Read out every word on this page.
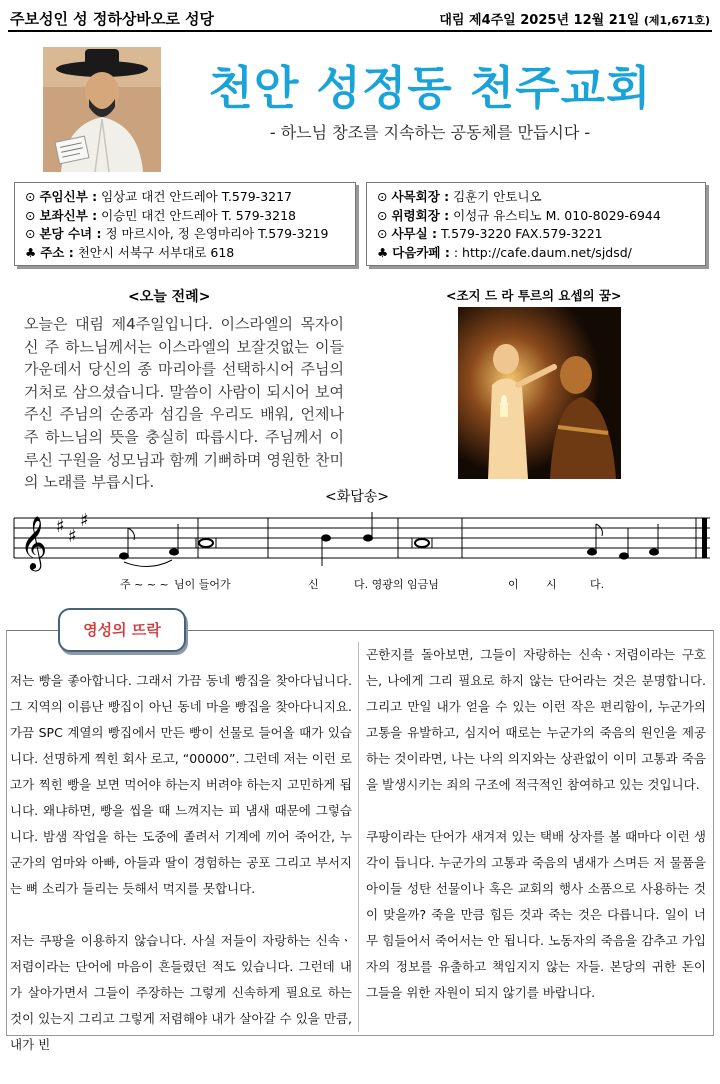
주보성인 성 정하상바오로 성당	대림 제4주일 2025년 12월 21일 (제1,671호)
천안 성정동 천주교회
- 하느님 창조를 지속하는 공동체를 만듭시다 -
⊙ 주임신부 : 임상교 대건 안드레아 T.579-3217
⊙ 보좌신부 : 이승민 대건 안드레아 T. 579-3218
⊙ 본당 수녀 : 정 마르시아, 정 은영마리아 T.579-3219
♣ 주소 : 천안시 서북구 서부대로 618
⊙ 사목회장 : 김훈기 안토니오
⊙ 위령회장 : 이성규 유스티노 M. 010-8029-6944
⊙ 사무실 : T.579-3220 FAX.579-3221
♣ 다음카페 : : http://cafe.daum.net/sjdsd/
<오늘 전례>
오늘은 대림 제4주일입니다. 이스라엘의 목자이신 주 하느님께서는 이스라엘의 보잘것없는 이들 가운데서 당신의 종 마리아를 선택하시어 주님의 거처로 삼으셨습니다. 말씀이 사람이 되시어 보여 주신 주님의 순종과 섬김을 우리도 배워, 언제나 주 하느님의 뜻을 충실히 따릅시다. 주님께서 이루신 구원을 성모님과 함께 기뻐하며 영원한 찬미의 노래를 부릅시다.
<조지 드 라 투르의 요셉의 꿈>
<화답송>
𝄞 ♯ ♯
♯
주 ~ ~ ~ 님이 들어가	신	다. 영광의 임금님	이 시	다.
영성의 뜨락

저는 빵을 좋아합니다. 그래서 가끔 동네 빵집을 찾아다닙니다. 그 지역의 이름난 빵집이 아닌 동네 마을 빵집을 찾아다니지요. 가끔 SPC 계열의 빵집에서 만든 빵이 선물로 들어올 때가 있습니다. 선명하게 찍힌 회사 로고, “00000”. 그런데 저는 이런 로고가 찍힌 빵을 보면 먹어야 하는지 버려야 하는지 고민하게 됩니다. 왜냐하면, 빵을 씹을 때 느껴지는 피 냄새 때문에 그렇습니다. 밤샘 작업을 하는 도중에 졸려서 기계에 끼어 죽어간, 누군가의 엄마와 아빠, 아들과 딸이 경험하는 공포 그리고 부서지는 뼈 소리가 들리는 듯해서 먹지를 못합니다.

저는 쿠팡을 이용하지 않습니다. 사실 저들이 자랑하는 신속ㆍ저렴이라는 단어에 마음이 흔들렸던 적도 있습니다. 그런데 내가 살아가면서 그들이 주장하는 그렇게 신속하게 필요로 하는 것이 있는지 그리고 그렇게 저렴해야 내가 살아갈 수 있을 만큼, 내가 빈

곤한지를 돌아보면, 그들이 자랑하는 신속ㆍ저렴이라는 구호는, 나에게 그리 필요로 하지 않는 단어라는 것은 분명합니다. 그리고 만일 내가 얻을 수 있는 이런 작은 편리함이, 누군가의 고통을 유발하고, 심지어 때로는 누군가의 죽음의 원인을 제공하는 것이라면, 나는 나의 의지와는 상관없이 이미 고통과 죽음을 발생시키는 죄의 구조에 적극적인 참여하고 있는 것입니다.

쿠팡이라는 단어가 새겨져 있는 택배 상자를 볼 때마다 이런 생각이 듭니다. 누군가의 고통과 죽음의 냄새가 스며든 저 물품을 아이들 성탄 선물이나 혹은 교회의 행사 소품으로 사용하는 것이 맞을까? 죽을 만큼 힘든 것과 죽는 것은 다릅니다. 일이 너무 힘들어서 죽어서는 안 됩니다. 노동자의 죽음을 감추고 가입자의 정보를 유출하고 책임지지 않는 자들. 본당의 귀한 돈이 그들을 위한 자원이 되지 않기를 바랍니다.
